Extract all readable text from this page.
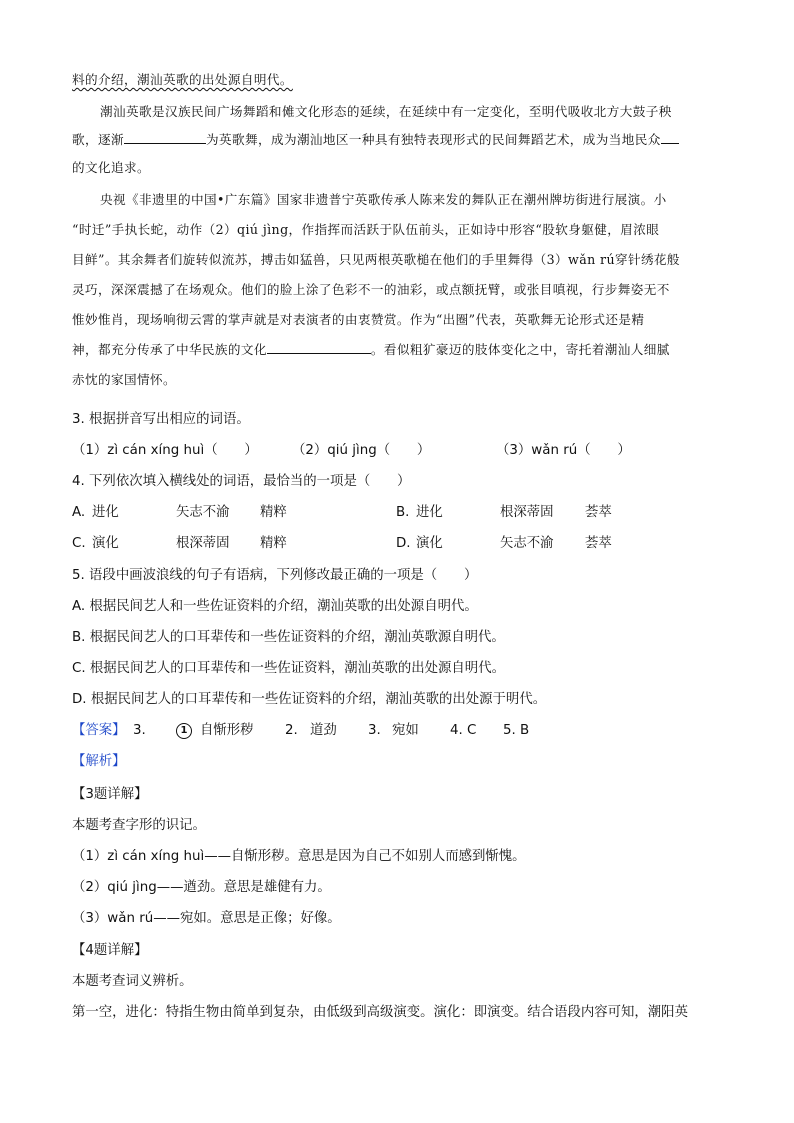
料的介绍，潮汕英歌的出处源自明代。
潮汕英歌是汉族民间广场舞蹈和傩文化形态的延续，在延续中有一定变化，至明代吸收北方大鼓子秧
歌，逐渐	为英歌舞，成为潮汕地区一种具有独特表现形式的民间舞蹈艺术，成为当地民众
的文化追求。
央视《非遗里的中国•广东篇》国家非遗普宁英歌传承人陈来发的舞队正在潮州牌坊街进行展演。小
“时迁”手执长蛇，动作（2）qiú jìng，作指挥而活跃于队伍前头，正如诗中形容“股软身躯健，眉浓眼
目鲜”。其余舞者们旋转似流苏，搏击如猛兽，只见两根英歌槌在他们的手里舞得（3）wǎn rú穿针绣花般
灵巧，深深震撼了在场观众。他们的脸上涂了色彩不一的油彩，或点额抚臂，或张目嗔视，行步舞姿无不
惟妙惟肖，现场响彻云霄的掌声就是对表演者的由衷赞赏。作为“出圈”代表，英歌舞无论形式还是精
神，都充分传承了中华民族的文化	。看似粗犷豪迈的肢体变化之中，寄托着潮汕人细腻
赤忱的家国情怀。
3. 根据拼音写出相应的词语。
（1）zì cán xíng huì（　　）	（2）qiú jìng（　　）	（3）wǎn rú（　　）
4. 下列依次填入横线处的词语，最恰当的一项是（　　）
A. 进化	矢志不渝 精粹	B. 进化	根深蒂固 荟萃
C. 演化	根深蒂固 精粹	D. 演化	矢志不渝 荟萃
5. 语段中画波浪线的句子有语病，下列修改最正确的一项是（　　）
A. 根据民间艺人和一些佐证资料的介绍，潮汕英歌的出处源自明代。
B. 根据民间艺人的口耳辈传和一些佐证资料的介绍，潮汕英歌源自明代。
C. 根据民间艺人的口耳辈传和一些佐证资料，潮汕英歌的出处源自明代。
D. 根据民间艺人的口耳辈传和一些佐证资料的介绍，潮汕英歌的出处源于明代。
【答案】 3.	1 自惭形秽 2. 道劲 3. 宛如 4. C 5. B
【解析】
【3题详解】
本题考查字形的识记。
（1）zì cán xíng huì——自惭形秽。意思是因为自己不如别人而感到惭愧。
（2）qiú jìng——遒劲。意思是雄健有力。
（3）wǎn rú——宛如。意思是正像；好像。
【4题详解】
本题考查词义辨析。
第一空，进化：特指生物由简单到复杂，由低级到高级演变。演化：即演变。结合语段内容可知，潮阳英
